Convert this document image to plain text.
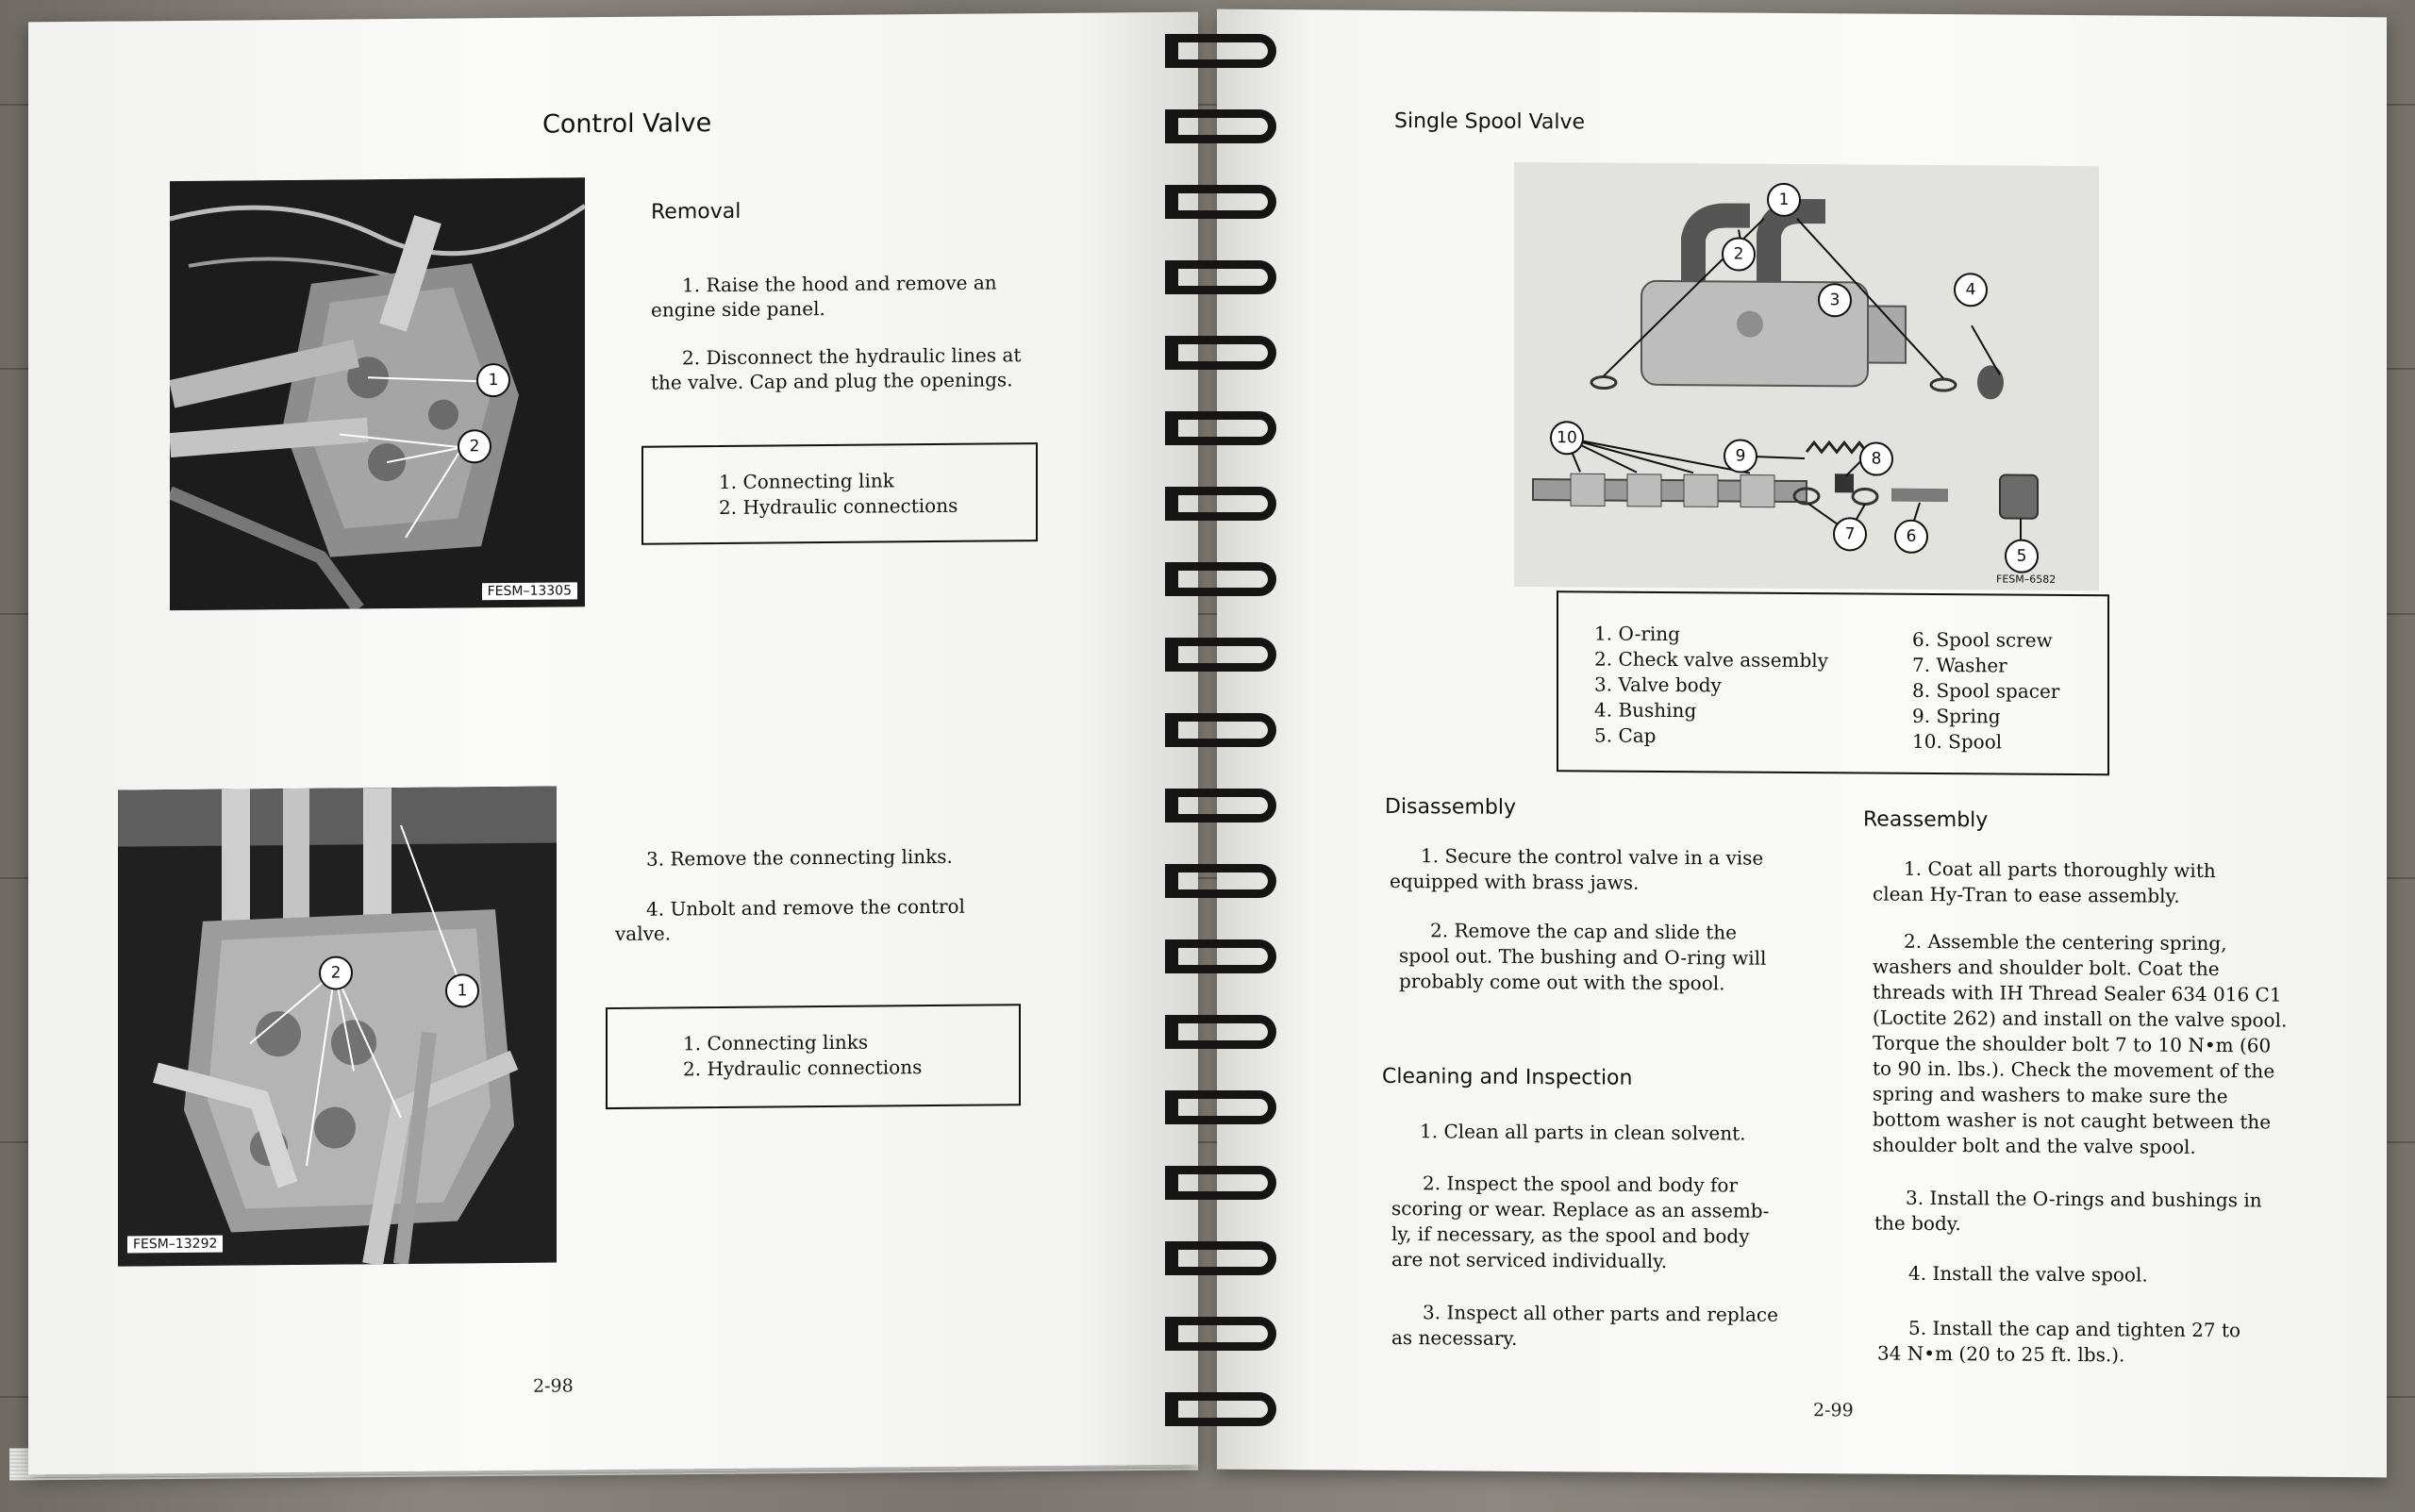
Control Valve
1
2
FESM–13305
Removal
1. Raise the hood and remove an
engine side panel.
2. Disconnect the hydraulic lines at
the valve. Cap and plug the openings.
1. Connecting link
2. Hydraulic connections
2
1
FESM–13292
3. Remove the connecting links.
4. Unbolt and remove the control
valve.
1. Connecting links
2. Hydraulic connections
2-98
Single Spool Valve
1
2
3
4
10
9	8
7	6
5
FESM–6582
1. O-ring
2. Check valve assembly
3. Valve body
4. Bushing
5. Cap
6. Spool screw
7. Washer
8. Spool spacer
9. Spring
10. Spool
Disassembly
1. Secure the control valve in a vise
equipped with brass jaws.
2. Remove the cap and slide the
spool out. The bushing and O-ring will
probably come out with the spool.
Cleaning and Inspection
1. Clean all parts in clean solvent.
2. Inspect the spool and body for
scoring or wear. Replace as an assemb-
ly, if necessary, as the spool and body
are not serviced individually.
3. Inspect all other parts and replace
as necessary.
Reassembly
1. Coat all parts thoroughly with
clean Hy-Tran to ease assembly.
2. Assemble the centering spring,
washers and shoulder bolt. Coat the
threads with IH Thread Sealer 634 016 C1
(Loctite 262) and install on the valve spool.
Torque the shoulder bolt 7 to 10 N•m (60
to 90 in. lbs.). Check the movement of the
spring and washers to make sure the
bottom washer is not caught between the
shoulder bolt and the valve spool.
3. Install the O-rings and bushings in
the body.
4. Install the valve spool.
5. Install the cap and tighten 27 to
34 N•m (20 to 25 ft. lbs.).
2-99
